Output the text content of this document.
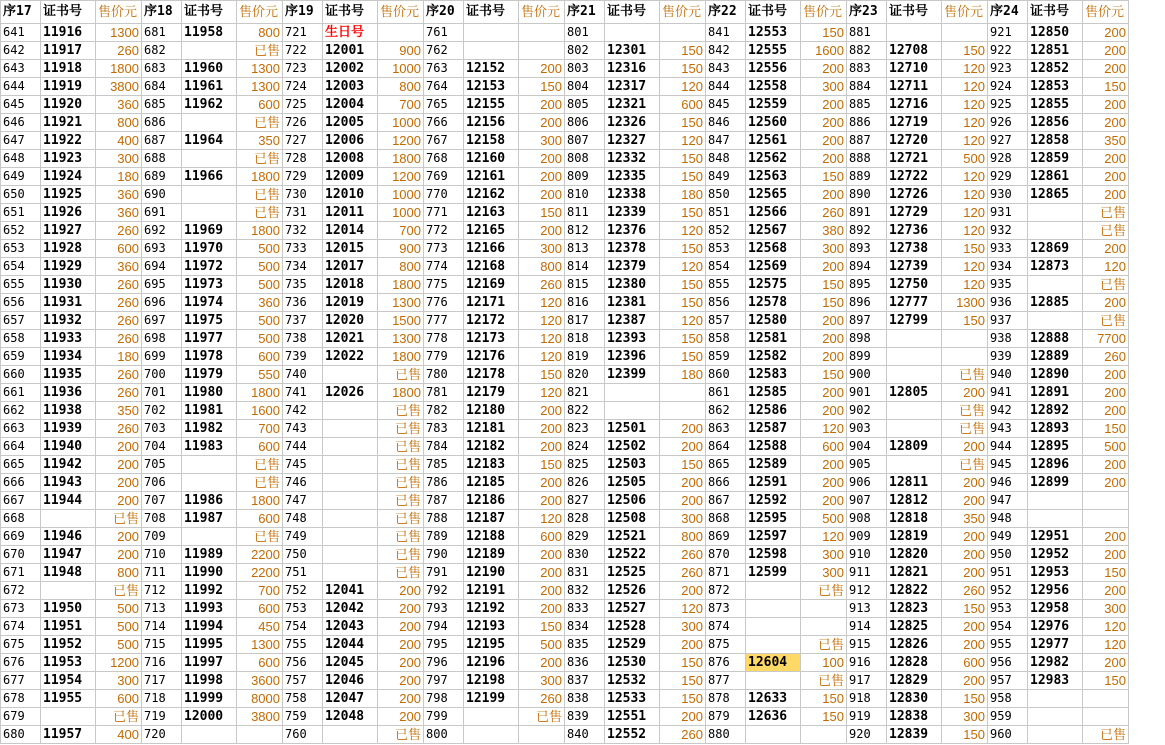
序17	证书号	售价元	序18	证书号	售价元	序19	证书号	售价元	序20	证书号	售价元	序21	证书号	售价元	序22	证书号	售价元	序23	证书号	售价元	序24	证书号	售价元
641	11916	1300	681	11958	800	721	生日号		761			801			841	12553	150	881			921	12850	200
642	11917	260	682		已售	722	12001	900	762			802	12301	150	842	12555	1600	882	12708	150	922	12851	200
643	11918	1800	683	11960	1300	723	12002	1000	763	12152	200	803	12316	150	843	12556	200	883	12710	120	923	12852	200
644	11919	3800	684	11961	1300	724	12003	800	764	12153	150	804	12317	120	844	12558	300	884	12711	120	924	12853	150
645	11920	360	685	11962	600	725	12004	700	765	12155	200	805	12321	600	845	12559	200	885	12716	120	925	12855	200
646	11921	800	686		已售	726	12005	1000	766	12156	200	806	12326	150	846	12560	200	886	12719	120	926	12856	200
647	11922	400	687	11964	350	727	12006	1200	767	12158	300	807	12327	120	847	12561	200	887	12720	120	927	12858	350
648	11923	300	688		已售	728	12008	1800	768	12160	200	808	12332	150	848	12562	200	888	12721	500	928	12859	200
649	11924	180	689	11966	1800	729	12009	1200	769	12161	200	809	12335	150	849	12563	150	889	12722	120	929	12861	200
650	11925	360	690		已售	730	12010	1000	770	12162	200	810	12338	180	850	12565	200	890	12726	120	930	12865	200
651	11926	360	691		已售	731	12011	1000	771	12163	150	811	12339	150	851	12566	260	891	12729	120	931		已售
652	11927	260	692	11969	1800	732	12014	700	772	12165	200	812	12376	120	852	12567	380	892	12736	120	932		已售
653	11928	600	693	11970	500	733	12015	900	773	12166	300	813	12378	150	853	12568	300	893	12738	150	933	12869	200
654	11929	360	694	11972	500	734	12017	800	774	12168	800	814	12379	120	854	12569	200	894	12739	120	934	12873	120
655	11930	260	695	11973	500	735	12018	1800	775	12169	260	815	12380	150	855	12575	150	895	12750	120	935		已售
656	11931	260	696	11974	360	736	12019	1300	776	12171	120	816	12381	150	856	12578	150	896	12777	1300	936	12885	200
657	11932	260	697	11975	500	737	12020	1500	777	12172	120	817	12387	120	857	12580	200	897	12799	150	937		已售
658	11933	260	698	11977	500	738	12021	1300	778	12173	120	818	12393	150	858	12581	200	898			938	12888	7700
659	11934	180	699	11978	600	739	12022	1800	779	12176	120	819	12396	150	859	12582	200	899			939	12889	260
660	11935	260	700	11979	550	740		已售	780	12178	150	820	12399	180	860	12583	150	900		已售	940	12890	200
661	11936	260	701	11980	1800	741	12026	1800	781	12179	120	821			861	12585	200	901	12805	200	941	12891	200
662	11938	350	702	11981	1600	742		已售	782	12180	200	822			862	12586	200	902		已售	942	12892	200
663	11939	260	703	11982	700	743		已售	783	12181	200	823	12501	200	863	12587	120	903		已售	943	12893	150
664	11940	200	704	11983	600	744		已售	784	12182	200	824	12502	200	864	12588	600	904	12809	200	944	12895	500
665	11942	200	705		已售	745		已售	785	12183	150	825	12503	150	865	12589	200	905		已售	945	12896	200
666	11943	200	706		已售	746		已售	786	12185	200	826	12505	200	866	12591	200	906	12811	200	946	12899	200
667	11944	200	707	11986	1800	747		已售	787	12186	200	827	12506	200	867	12592	200	907	12812	200	947		
668		已售	708	11987	600	748		已售	788	12187	120	828	12508	300	868	12595	500	908	12818	350	948		
669	11946	200	709		已售	749		已售	789	12188	600	829	12521	800	869	12597	120	909	12819	200	949	12951	200
670	11947	200	710	11989	2200	750		已售	790	12189	200	830	12522	260	870	12598	300	910	12820	200	950	12952	200
671	11948	800	711	11990	2200	751		已售	791	12190	200	831	12525	260	871	12599	300	911	12821	200	951	12953	150
672		已售	712	11992	700	752	12041	200	792	12191	200	832	12526	200	872		已售	912	12822	260	952	12956	200
673	11950	500	713	11993	600	753	12042	200	793	12192	200	833	12527	120	873			913	12823	150	953	12958	300
674	11951	500	714	11994	450	754	12043	200	794	12193	150	834	12528	300	874			914	12825	200	954	12976	120
675	11952	500	715	11995	1300	755	12044	200	795	12195	500	835	12529	200	875		已售	915	12826	200	955	12977	120
676	11953	1200	716	11997	600	756	12045	200	796	12196	200	836	12530	150	876	12604	100	916	12828	600	956	12982	200
677	11954	300	717	11998	3600	757	12046	200	797	12198	300	837	12532	150	877		已售	917	12829	200	957	12983	150
678	11955	600	718	11999	8000	758	12047	200	798	12199	260	838	12533	150	878	12633	150	918	12830	150	958		
679		已售	719	12000	3800	759	12048	200	799		已售	839	12551	200	879	12636	150	919	12838	300	959		
680	11957	400	720			760		已售	800			840	12552	260	880			920	12839	150	960		已售
